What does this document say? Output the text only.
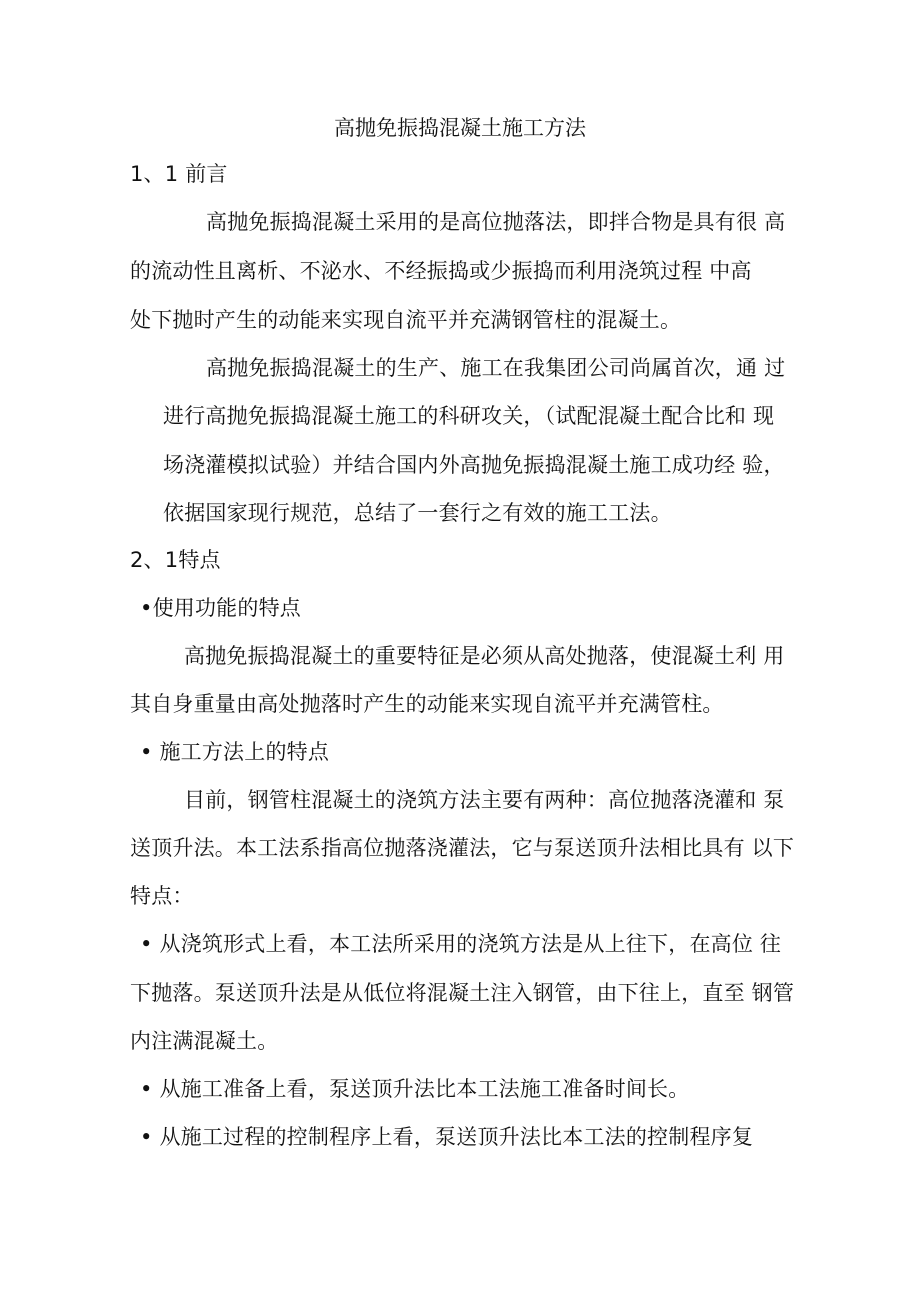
高抛免振捣混凝土施工方法
1、1 前言
高抛免振捣混凝土采用的是高位抛落法，即拌合物是具有很 高
的流动性且离析、不泌水、不经振捣或少振捣而利用浇筑过程 中高
处下抛时产生的动能来实现自流平并充满钢管柱的混凝土。
高抛免振捣混凝土的生产、施工在我集团公司尚属首次，通 过
进行高抛免振捣混凝土施工的科研攻关，（试配混凝土配合比和 现
场浇灌模拟试验）并结合国内外高抛免振捣混凝土施工成功经 验，
依据国家现行规范，总结了一套行之有效的施工工法。
2、1特点
•使用功能的特点
高抛免振捣混凝土的重要特征是必须从高处抛落，使混凝土利 用
其自身重量由高处抛落时产生的动能来实现自流平并充满管柱。
• 施工方法上的特点
目前，钢管柱混凝土的浇筑方法主要有两种：高位抛落浇灌和 泵
送顶升法。本工法系指高位抛落浇灌法，它与泵送顶升法相比具有 以下
特点：
• 从浇筑形式上看，本工法所采用的浇筑方法是从上往下，在高位 往
下抛落。泵送顶升法是从低位将混凝土注入钢管，由下往上，直至 钢管
内注满混凝土。
• 从施工准备上看，泵送顶升法比本工法施工准备时间长。
• 从施工过程的控制程序上看，泵送顶升法比本工法的控制程序复
